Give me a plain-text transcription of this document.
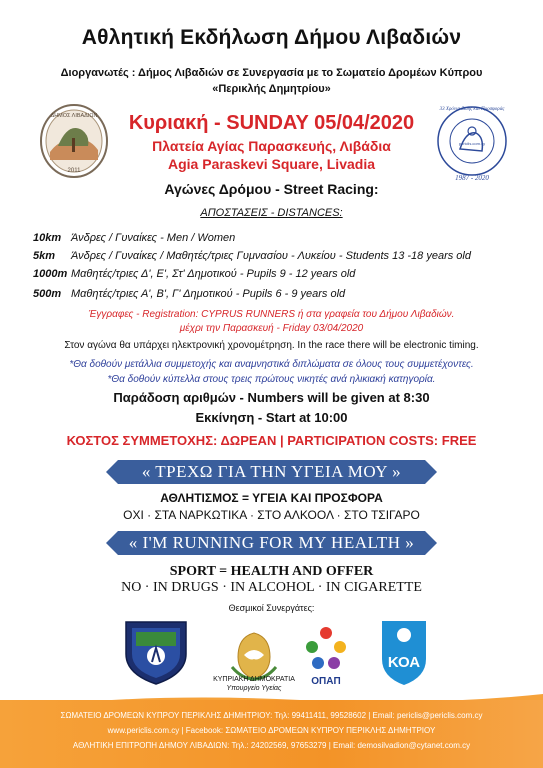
Αθλητική Εκδήλωση Δήμου Λιβαδιών
Διοργανωτές : Δήμος Λιβαδιών σε Συνεργασία με το Σωματείο Δρομέων Κύπρου
«Περικλής Δημητρίου»
ΔΗΜΟΣ ΛΙΒΑΔΙΩΝ
2011
33 Χρόνια Ζωής και Προσφοράς
periclis.com.cy
1987 - 2020
Κυριακή - SUNDAY 05/04/2020
Πλατεία Αγίας Παρασκευής, Λιβάδια
Agia Paraskevi Square, Livadia
Αγώνες Δρόμου - Street Racing:
ΑΠΟΣΤΑΣΕΙΣ - DISTANCES:
10km Άνδρες / Γυναίκες - Men / Women
5km Άνδρες / Γυναίκες / Μαθητές/τριες Γυμνασίου - Λυκείου - Students 13 -18 years old
1000m Μαθητές/τριες Δ', Ε', Στ' Δημοτικού - Pupils 9 - 12 years old
500m Μαθητές/τριες Α', Β', Γ' Δημοτικού - Pupils 6 - 9 years old
Έγγραφες - Registration: CYPRUS RUNNERS ή στα γραφεία του Δήμου Λιβαδιών.
μέχρι την Παρασκευή - Friday 03/04/2020
Στον αγώνα θα υπάρχει ηλεκτρονική χρονομέτρηση. In the race there will be electronic timing.
*Θα δοθούν μετάλλια συμμετοχής και αναμνηστικά διπλώματα σε όλους τους συμμετέχοντες.
*Θα δοθούν κύπελλα στους τρεις πρώτους νικητές ανά ηλικιακή κατηγορία.
Παράδοση αριθμών - Numbers will be given at 8:30
Εκκίνηση - Start at 10:00
ΚΟΣΤΟΣ ΣΥΜΜΕΤΟΧΗΣ: ΔΩΡΕΑΝ | PARTICIPATION COSTS: FREE
« ΤΡΕΧΩ ΓΙΑ ΤΗΝ ΥΓΕΙΑ ΜΟΥ »
ΑΘΛΗΤΙΣΜΟΣ = ΥΓΕΙΑ ΚΑΙ ΠΡΟΣΦΟΡΑ
ΟΧΙ · ΣΤΑ ΝΑΡΚΩΤΙΚΑ · ΣΤΟ ΑΛΚΟΟΛ · ΣΤΟ ΤΣΙΓΑΡΟ
« I'M RUNNING FOR MY HEALTH »
SPORT = HEALTH AND OFFER
NO · IN DRUGS · IN ALCOHOL · IN CIGARETTE
Θεσμικοί Συνεργάτες:
ΚΥΠΡΙΑΚΗ ΔΗΜΟΚΡΑΤΙΑ
Υπουργείο Υγείας
ΟΠΑΠ
ΚΟΑ
ΣΩΜΑΤΕΙΟ ΔΡΟΜΕΩΝ ΚΥΠΡΟΥ ΠΕΡΙΚΛΗΣ ΔΗΜΗΤΡΙΟΥ: Τηλ: 99411411, 99528602 | Email: periclis@periclis.com.cy
www.periclis.com.cy | Facebook: ΣΩΜΑΤΕΙΟ ΔΡΟΜΕΩΝ ΚΥΠΡΟΥ ΠΕΡΙΚΛΗΣ ΔΗΜΗΤΡΙΟΥ
ΑΘΛΗΤΙΚΗ ΕΠΙΤΡΟΠΗ ΔΗΜΟΥ ΛΙΒΑΔΙΩΝ: Τηλ.: 24202569, 97653279 | Email: demosilvadion@cytanet.com.cy
